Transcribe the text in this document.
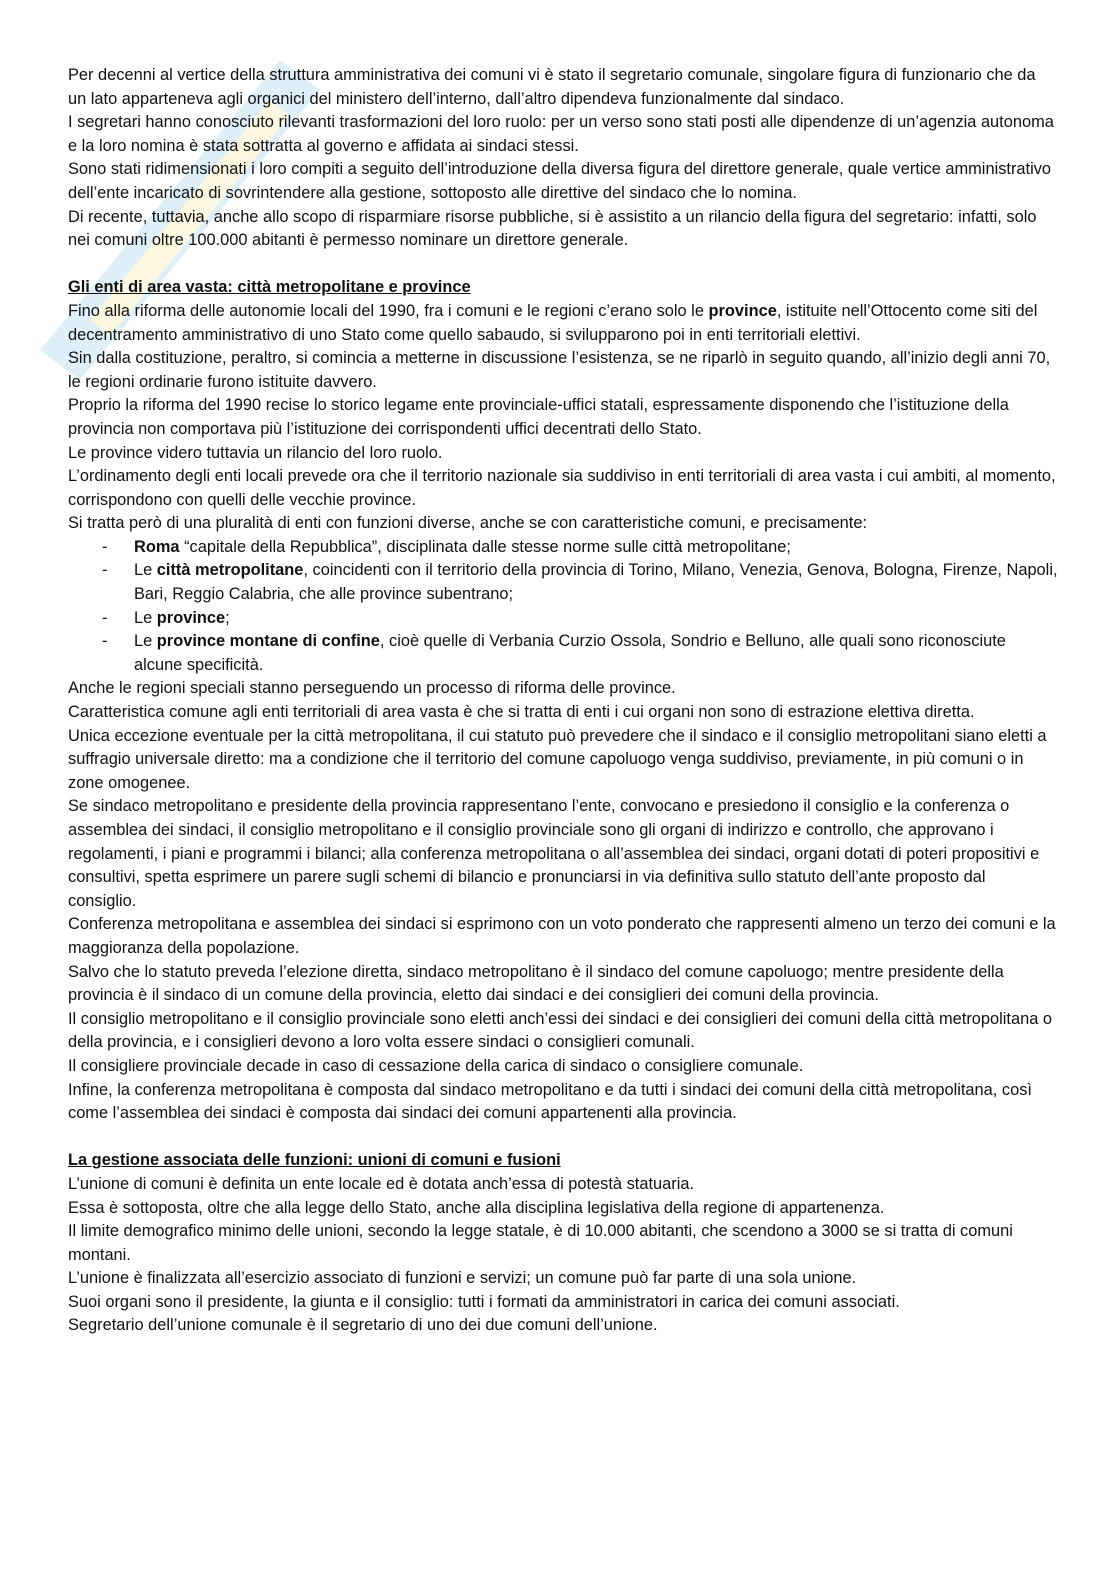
Per decenni al vertice della struttura amministrativa dei comuni vi è stato il segretario comunale, singolare figura di funzionario che da un lato apparteneva agli organici del ministero dell’interno, dall’altro dipendeva funzionalmente dal sindaco.

I segretari hanno conosciuto rilevanti trasformazioni del loro ruolo: per un verso sono stati posti alle dipendenze di un’agenzia autonoma e la loro nomina è stata sottratta al governo e affidata ai sindaci stessi.

Sono stati ridimensionati i loro compiti a seguito dell’introduzione della diversa figura del direttore generale, quale vertice amministrativo dell’ente incaricato di sovrintendere alla gestione, sottoposto alle direttive del sindaco che lo nomina.

Di recente, tuttavia, anche allo scopo di risparmiare risorse pubbliche, si è assistito a un rilancio della figura del segretario: infatti, solo nei comuni oltre 100.000 abitanti è permesso nominare un direttore generale.

Gli enti di area vasta: città metropolitane e province

Fino alla riforma delle autonomie locali del 1990, fra i comuni e le regioni c’erano solo le province, istituite nell’Ottocento come siti del decentramento amministrativo di uno Stato come quello sabaudo, si svilupparono poi in enti territoriali elettivi.

Sin dalla costituzione, peraltro, si comincia a metterne in discussione l’esistenza, se ne riparlò in seguito quando, all’inizio degli anni 70, le regioni ordinarie furono istituite davvero.

Proprio la riforma del 1990 recise lo storico legame ente provinciale-uffici statali, espressamente disponendo che l’istituzione della provincia non comportava più l’istituzione dei corrispondenti uffici decentrati dello Stato.

Le province videro tuttavia un rilancio del loro ruolo.

L’ordinamento degli enti locali prevede ora che il territorio nazionale sia suddiviso in enti territoriali di area vasta i cui ambiti, al momento, corrispondono con quelli delle vecchie province.

Si tratta però di una pluralità di enti con funzioni diverse, anche se con caratteristiche comuni, e precisamente:

- Roma “capitale della Repubblica”, disciplinata dalle stesse norme sulle città metropolitane;
- Le città metropolitane, coincidenti con il territorio della provincia di Torino, Milano, Venezia, Genova, Bologna, Firenze, Napoli, Bari, Reggio Calabria, che alle province subentrano;
- Le province;
- Le province montane di confine, cioè quelle di Verbania Curzio Ossola, Sondrio e Belluno, alle quali sono riconosciute alcune specificità.

Anche le regioni speciali stanno perseguendo un processo di riforma delle province.

Caratteristica comune agli enti territoriali di area vasta è che si tratta di enti i cui organi non sono di estrazione elettiva diretta.

Unica eccezione eventuale per la città metropolitana, il cui statuto può prevedere che il sindaco e il consiglio metropolitani siano eletti a suffragio universale diretto: ma a condizione che il territorio del comune capoluogo venga suddiviso, previamente, in più comuni o in zone omogenee.

Se sindaco metropolitano e presidente della provincia rappresentano l’ente, convocano e presiedono il consiglio e la conferenza o assemblea dei sindaci, il consiglio metropolitano e il consiglio provinciale sono gli organi di indirizzo e controllo, che approvano i regolamenti, i piani e programmi i bilanci; alla conferenza metropolitana o all’assemblea dei sindaci, organi dotati di poteri propositivi e consultivi, spetta esprimere un parere sugli schemi di bilancio e pronunciarsi in via definitiva sullo statuto dell’ante proposto dal consiglio.

Conferenza metropolitana e assemblea dei sindaci si esprimono con un voto ponderato che rappresenti almeno un terzo dei comuni e la maggioranza della popolazione.

Salvo che lo statuto preveda l’elezione diretta, sindaco metropolitano è il sindaco del comune capoluogo; mentre presidente della provincia è il sindaco di un comune della provincia, eletto dai sindaci e dei consiglieri dei comuni della provincia.

Il consiglio metropolitano e il consiglio provinciale sono eletti anch’essi dei sindaci e dei consiglieri dei comuni della città metropolitana o della provincia, e i consiglieri devono a loro volta essere sindaci o consiglieri comunali.

Il consigliere provinciale decade in caso di cessazione della carica di sindaco o consigliere comunale.

Infine, la conferenza metropolitana è composta dal sindaco metropolitano e da tutti i sindaci dei comuni della città metropolitana, così come l’assemblea dei sindaci è composta dai sindaci dei comuni appartenenti alla provincia.

La gestione associata delle funzioni: unioni di comuni e fusioni

L’unione di comuni è definita un ente locale ed è dotata anch’essa di potestà statuaria.

Essa è sottoposta, oltre che alla legge dello Stato, anche alla disciplina legislativa della regione di appartenenza.

Il limite demografico minimo delle unioni, secondo la legge statale, è di 10.000 abitanti, che scendono a 3000 se si tratta di comuni montani.

L’unione è finalizzata all’esercizio associato di funzioni e servizi; un comune può far parte di una sola unione.

Suoi organi sono il presidente, la giunta e il consiglio: tutti i formati da amministratori in carica dei comuni associati.

Segretario dell’unione comunale è il segretario di uno dei due comuni dell’unione.
